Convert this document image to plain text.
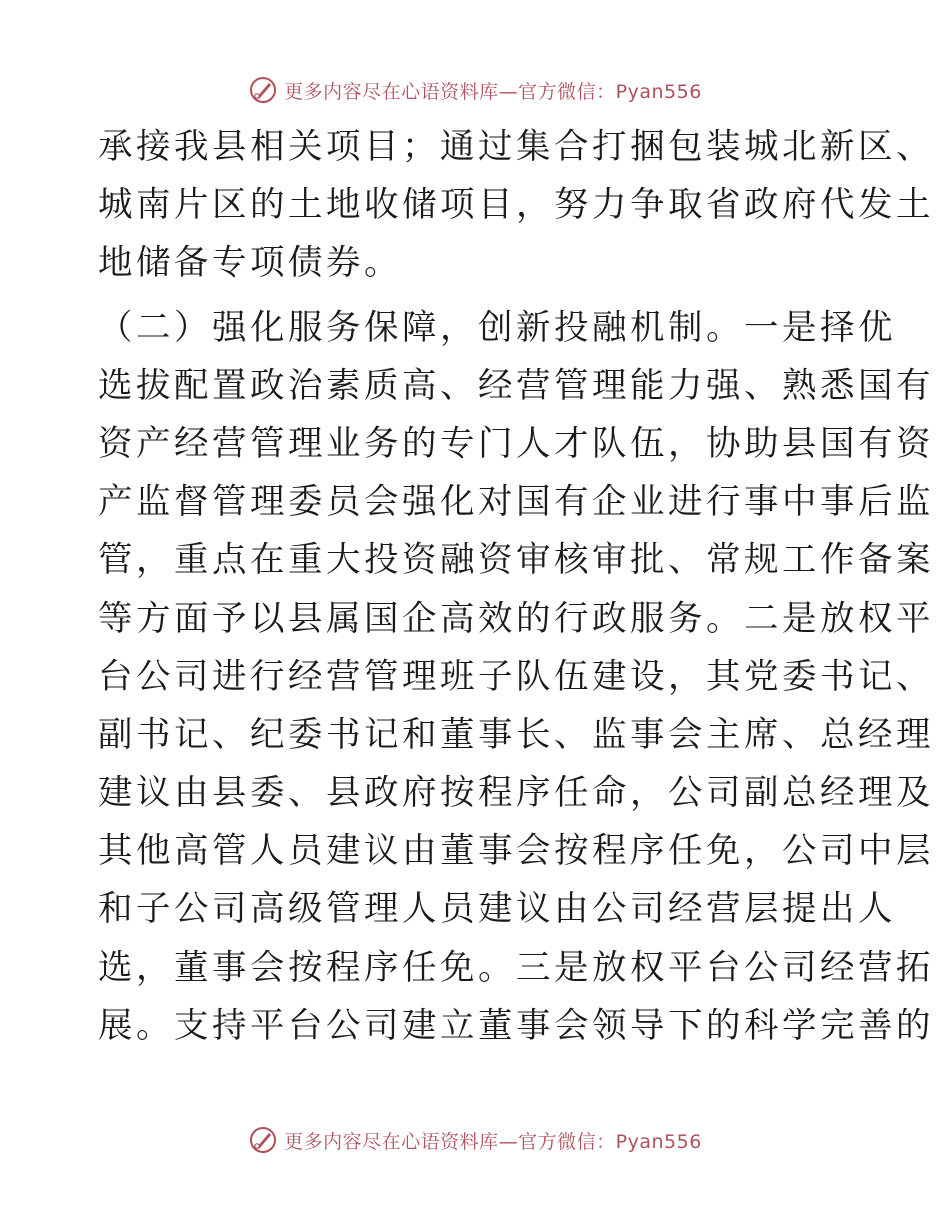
更多内容尽在心语资料库—官方微信：Pyan556
承接我县相关项目；通过集合打捆包装城北新区、
城南片区的土地收储项目，努力争取省政府代发土
地储备专项债券。
（二）强化服务保障，创新投融机制。一是择优
选拔配置政治素质高、经营管理能力强、熟悉国有
资产经营管理业务的专门人才队伍，协助县国有资
产监督管理委员会强化对国有企业进行事中事后监
管，重点在重大投资融资审核审批、常规工作备案
等方面予以县属国企高效的行政服务。二是放权平
台公司进行经营管理班子队伍建设，其党委书记、
副书记、纪委书记和董事长、监事会主席、总经理
建议由县委、县政府按程序任命，公司副总经理及
其他高管人员建议由董事会按程序任免，公司中层
和子公司高级管理人员建议由公司经营层提出人
选，董事会按程序任免。三是放权平台公司经营拓
展。支持平台公司建立董事会领导下的科学完善的
更多内容尽在心语资料库—官方微信：Pyan556
